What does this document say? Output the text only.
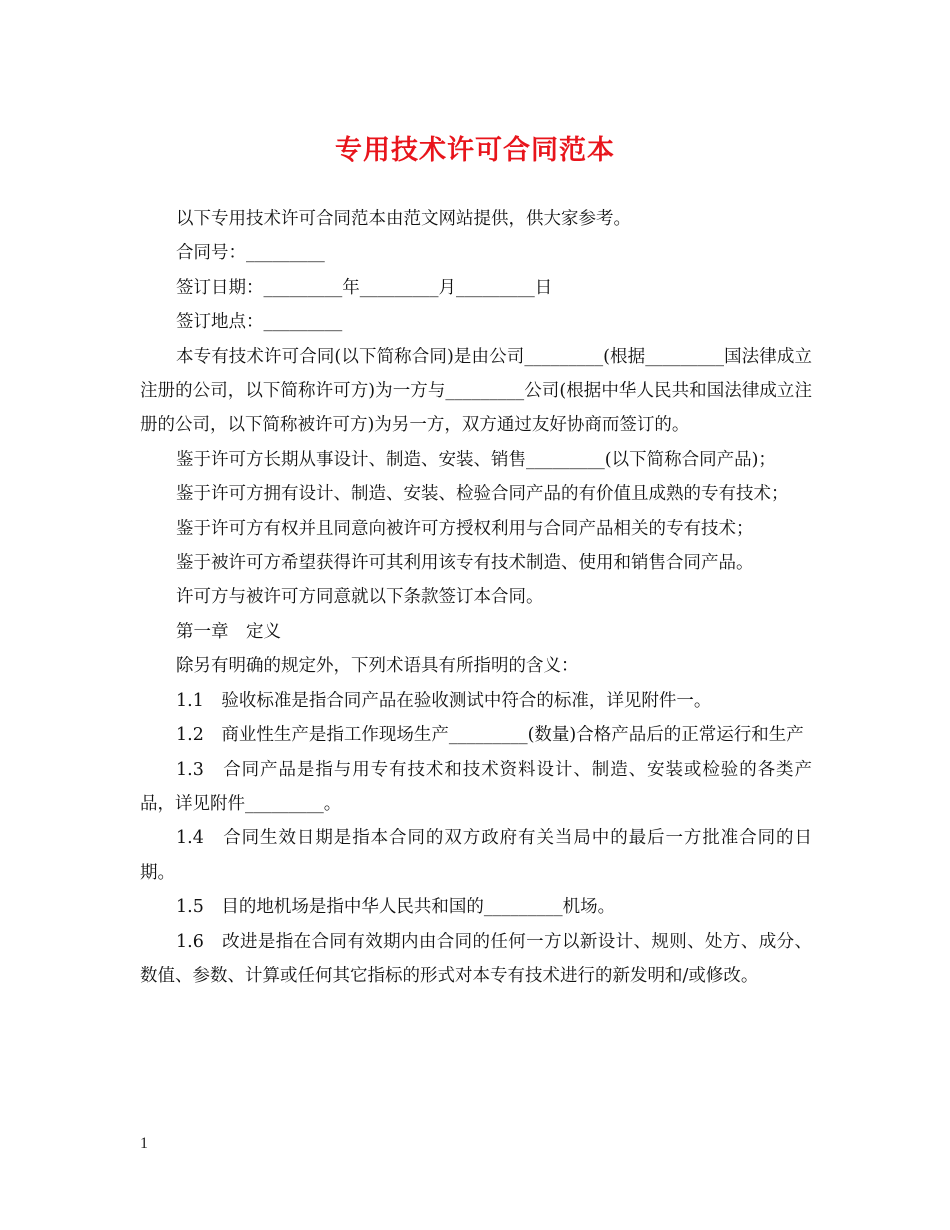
专用技术许可合同范本

以下专用技术许可合同范本由范文网站提供，供大家参考。

合同号：_________

签订日期：_________年_________月_________日

签订地点：_________

本专有技术许可合同(以下简称合同)是由公司_________(根据_________国法律成立注册的公司，以下简称许可方)为一方与_________公司(根据中华人民共和国法律成立注册的公司，以下简称被许可方)为另一方，双方通过友好协商而签订的。

鉴于许可方长期从事设计、制造、安装、销售_________(以下简称合同产品)；

鉴于许可方拥有设计、制造、安装、检验合同产品的有价值且成熟的专有技术；

鉴于许可方有权并且同意向被许可方授权利用与合同产品相关的专有技术；

鉴于被许可方希望获得许可其利用该专有技术制造、使用和销售合同产品。

许可方与被许可方同意就以下条款签订本合同。

第一章　定义

除另有明确的规定外，下列术语具有所指明的含义：

1.1　验收标准是指合同产品在验收测试中符合的标准，详见附件一。

1.2　商业性生产是指工作现场生产_________(数量)合格产品后的正常运行和生产

1.3　合同产品是指与用专有技术和技术资料设计、制造、安装或检验的各类产品，详见附件_________。

1.4　合同生效日期是指本合同的双方政府有关当局中的最后一方批准合同的日期。

1.5　目的地机场是指中华人民共和国的_________机场。

1.6　改进是指在合同有效期内由合同的任何一方以新设计、规则、处方、成分、数值、参数、计算或任何其它指标的形式对本专有技术进行的新发明和/或修改。

1
